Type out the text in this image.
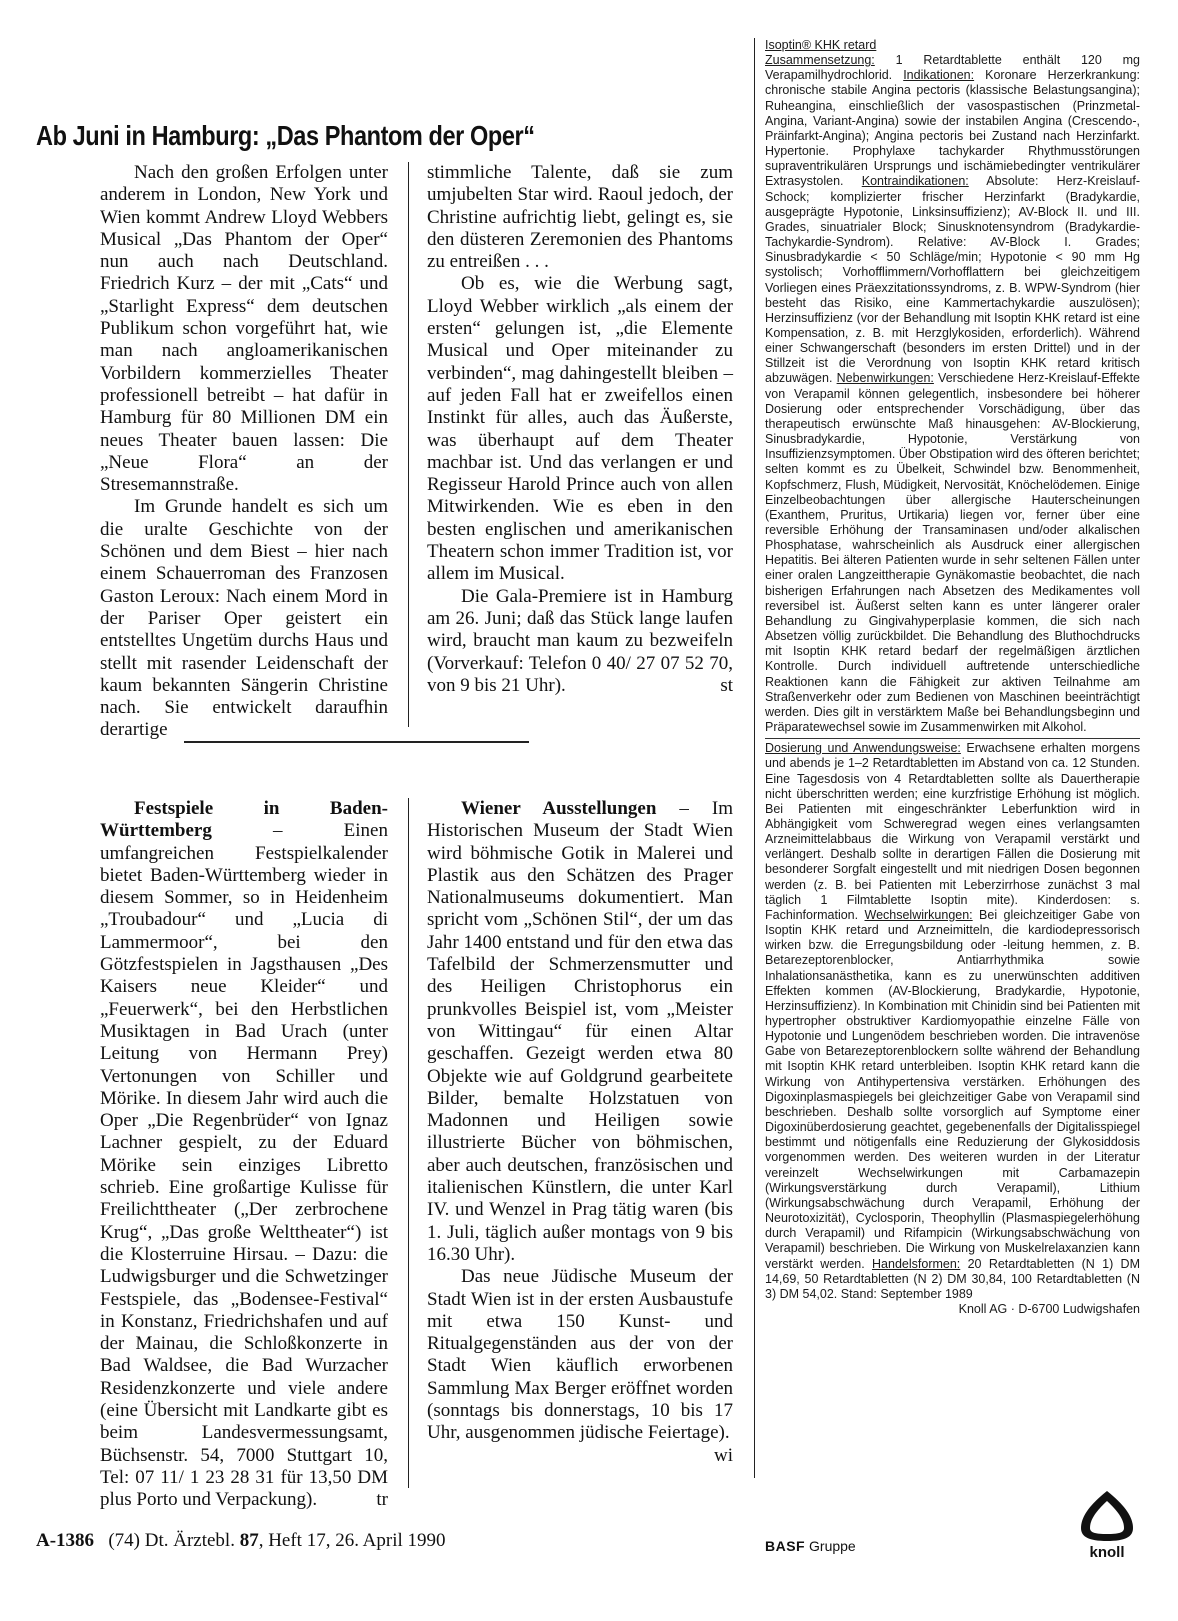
Ab Juni in Hamburg: „Das Phantom der Oper“

Nach den großen Erfolgen unter anderem in London, New York und Wien kommt Andrew Lloyd Webbers Musical „Das Phantom der Oper“ nun auch nach Deutschland. Friedrich Kurz – der mit „Cats“ und „Starlight Express“ dem deutschen Publikum schon vorgeführt hat, wie man nach angloamerikanischen Vorbildern kommerzielles Theater professionell betreibt – hat dafür in Hamburg für 80 Millionen DM ein neues Theater bauen lassen: Die „Neue Flora“ an der Stresemannstraße.

Im Grunde handelt es sich um die uralte Geschichte von der Schönen und dem Biest – hier nach einem Schauerroman des Franzosen Gaston Leroux: Nach einem Mord in der Pariser Oper geistert ein entstelltes Ungetüm durchs Haus und stellt mit rasender Leidenschaft der kaum bekannten Sängerin Christine nach. Sie entwickelt daraufhin derartige

stimmliche Talente, daß sie zum umjubelten Star wird. Raoul jedoch, der Christine aufrichtig liebt, gelingt es, sie den düsteren Zeremonien des Phantoms zu entreißen . . .

Ob es, wie die Werbung sagt, Lloyd Webber wirklich „als einem der ersten“ gelungen ist, „die Elemente Musical und Oper miteinander zu verbinden“, mag dahingestellt bleiben – auf jeden Fall hat er zweifellos einen Instinkt für alles, auch das Äußerste, was überhaupt auf dem Theater machbar ist. Und das verlangen er und Regisseur Harold Prince auch von allen Mitwirkenden. Wie es eben in den besten englischen und amerikanischen Theatern schon immer Tradition ist, vor allem im Musical.

Die Gala-Premiere ist in Hamburg am 26. Juni; daß das Stück lange laufen wird, braucht man kaum zu bezweifeln (Vorverkauf: Telefon 0 40/ 27 07 52 70, von 9 bis 21 Uhr).	st

Festspiele in Baden-Württemberg – Einen umfangreichen Festspielkalender bietet Baden-Württemberg wieder in diesem Sommer, so in Heidenheim „Troubadour“ und „Lucia di Lammermoor“, bei den Götzfestspielen in Jagsthausen „Des Kaisers neue Kleider“ und „Feuerwerk“, bei den Herbstlichen Musiktagen in Bad Urach (unter Leitung von Hermann Prey) Vertonungen von Schiller und Mörike. In diesem Jahr wird auch die Oper „Die Regenbrüder“ von Ignaz Lachner gespielt, zu der Eduard Mörike sein einziges Libretto schrieb. Eine großartige Kulisse für Freilichttheater („Der zerbrochene Krug“, „Das große Welttheater“) ist die Klosterruine Hirsau. – Dazu: die Ludwigsburger und die Schwetzinger Festspiele, das „Bodensee-Festival“ in Konstanz, Friedrichshafen und auf der Mainau, die Schloßkonzerte in Bad Waldsee, die Bad Wurzacher Residenzkonzerte und viele andere (eine Übersicht mit Landkarte gibt es beim Landesvermessungsamt, Büchsenstr. 54, 7000 Stuttgart 10, Tel: 07 11/ 1 23 28 31 für 13,50 DM plus Porto und Verpackung).	tr

Wiener Ausstellungen – Im Historischen Museum der Stadt Wien wird böhmische Gotik in Malerei und Plastik aus den Schätzen des Prager Nationalmuseums dokumentiert. Man spricht vom „Schönen Stil“, der um das Jahr 1400 entstand und für den etwa das Tafelbild der Schmerzensmutter und des Heiligen Christophorus ein prunkvolles Beispiel ist, vom „Meister von Wittingau“ für einen Altar geschaffen. Gezeigt werden etwa 80 Objekte wie auf Goldgrund gearbeitete Bilder, bemalte Holzstatuen von Madonnen und Heiligen sowie illustrierte Bücher von böhmischen, aber auch deutschen, französischen und italienischen Künstlern, die unter Karl IV. und Wenzel in Prag tätig waren (bis 1. Juli, täglich außer montags von 9 bis 16.30 Uhr).

Das neue Jüdische Museum der Stadt Wien ist in der ersten Ausbaustufe mit etwa 150 Kunst- und Ritualgegenständen aus der von der Stadt Wien käuflich erworbenen Sammlung Max Berger eröffnet worden (sonntags bis donnerstags, 10 bis 17 Uhr, ausgenommen jüdische Feiertage).
wi

Isoptin® KHK retard

Zusammensetzung: 1 Retardtablette enthält 120 mg Verapamilhydrochlorid. Indikationen: Koronare Herzerkrankung: chronische stabile Angina pectoris (klassische Belastungsangina); Ruheangina, einschließlich der vasospastischen (Prinzmetal-Angina, Variant-Angina) sowie der instabilen Angina (Crescendo-, Präinfarkt-Angina); Angina pectoris bei Zustand nach Herzinfarkt. Hypertonie. Prophylaxe tachykarder Rhythmusstörungen supraventrikulären Ursprungs und ischämiebedingter ventrikulärer Extrasystolen. Kontraindikationen: Absolute: Herz-Kreislauf-Schock; komplizierter frischer Herzinfarkt (Bradykardie, ausgeprägte Hypotonie, Linksinsuffizienz); AV-Block II. und III. Grades, sinuatrialer Block; Sinusknotensyndrom (Bradykardie-Tachykardie-Syndrom). Relative: AV-Block I. Grades; Sinusbradykardie < 50 Schläge/min; Hypotonie < 90 mm Hg systolisch; Vorhofflimmern/Vorhofflattern bei gleichzeitigem Vorliegen eines Präexzitationssyndroms, z. B. WPW-Syndrom (hier besteht das Risiko, eine Kammertachykardie auszulösen); Herzinsuffizienz (vor der Behandlung mit Isoptin KHK retard ist eine Kompensation, z. B. mit Herzglykosiden, erforderlich). Während einer Schwangerschaft (besonders im ersten Drittel) und in der Stillzeit ist die Verordnung von Isoptin KHK retard kritisch abzuwägen. Nebenwirkungen: Verschiedene Herz-Kreislauf-Effekte von Verapamil können gelegentlich, insbesondere bei höherer Dosierung oder entsprechender Vorschädigung, über das therapeutisch erwünschte Maß hinausgehen: AV-Blockierung, Sinusbradykardie, Hypotonie, Verstärkung von Insuffizienzsymptomen. Über Obstipation wird des öfteren berichtet; selten kommt es zu Übelkeit, Schwindel bzw. Benommenheit, Kopfschmerz, Flush, Müdigkeit, Nervosität, Knöchelödemen. Einige Einzelbeobachtungen über allergische Hauterscheinungen (Exanthem, Pruritus, Urtikaria) liegen vor, ferner über eine reversible Erhöhung der Transaminasen und/oder alkalischen Phosphatase, wahrscheinlich als Ausdruck einer allergischen Hepatitis. Bei älteren Patienten wurde in sehr seltenen Fällen unter einer oralen Langzeittherapie Gynäkomastie beobachtet, die nach bisherigen Erfahrungen nach Absetzen des Medikamentes voll reversibel ist. Äußerst selten kann es unter längerer oraler Behandlung zu Gingivahyperplasie kommen, die sich nach Absetzen völlig zurückbildet. Die Behandlung des Bluthochdrucks mit Isoptin KHK retard bedarf der regelmäßigen ärztlichen Kontrolle. Durch individuell auftretende unterschiedliche Reaktionen kann die Fähigkeit zur aktiven Teilnahme am Straßenverkehr oder zum Bedienen von Maschinen beeinträchtigt werden. Dies gilt in verstärktem Maße bei Behandlungsbeginn und Präparatewechsel sowie im Zusammenwirken mit Alkohol.

Dosierung und Anwendungsweise: Erwachsene erhalten morgens und abends je 1–2 Retardtabletten im Abstand von ca. 12 Stunden. Eine Tagesdosis von 4 Retardtabletten sollte als Dauertherapie nicht überschritten werden; eine kurzfristige Erhöhung ist möglich. Bei Patienten mit eingeschränkter Leberfunktion wird in Abhängigkeit vom Schweregrad wegen eines verlangsamten Arzneimittelabbaus die Wirkung von Verapamil verstärkt und verlängert. Deshalb sollte in derartigen Fällen die Dosierung mit besonderer Sorgfalt eingestellt und mit niedrigen Dosen begonnen werden (z. B. bei Patienten mit Leberzirrhose zunächst 3 mal täglich 1 Filmtablette Isoptin mite). Kinderdosen: s. Fachinformation. Wechselwirkungen: Bei gleichzeitiger Gabe von Isoptin KHK retard und Arzneimitteln, die kardiodepressorisch wirken bzw. die Erregungsbildung oder -leitung hemmen, z. B. Betarezeptorenblocker, Antiarrhythmika sowie Inhalationsanästhetika, kann es zu unerwünschten additiven Effekten kommen (AV-Blockierung, Bradykardie, Hypotonie, Herzinsuffizienz). In Kombination mit Chinidin sind bei Patienten mit hypertropher obstruktiver Kardiomyopathie einzelne Fälle von Hypotonie und Lungenödem beschrieben worden. Die intravenöse Gabe von Betarezeptorenblockern sollte während der Behandlung mit Isoptin KHK retard unterbleiben. Isoptin KHK retard kann die Wirkung von Antihypertensiva verstärken. Erhöhungen des Digoxinplasmaspiegels bei gleichzeitiger Gabe von Verapamil sind beschrieben. Deshalb sollte vorsorglich auf Symptome einer Digoxinüberdosierung geachtet, gegebenenfalls der Digitalisspiegel bestimmt und nötigenfalls eine Reduzierung der Glykosiddosis vorgenommen werden. Des weiteren wurden in der Literatur vereinzelt Wechselwirkungen mit Carbamazepin (Wirkungsverstärkung durch Verapamil), Lithium (Wirkungsabschwächung durch Verapamil, Erhöhung der Neurotoxizität), Cyclosporin, Theophyllin (Plasmaspiegelerhöhung durch Verapamil) und Rifampicin (Wirkungsabschwächung von Verapamil) beschrieben. Die Wirkung von Muskelrelaxanzien kann verstärkt werden. Handelsformen: 20 Retardtabletten (N 1) DM 14,69, 50 Retardtabletten (N 2) DM 30,84, 100 Retardtabletten (N 3) DM 54,02. Stand: September 1989

Knoll AG · D-6700 Ludwigshafen

A-1386 (74) Dt. Ärztebl. 87, Heft 17, 26. April 1990	BASF Gruppe	knoll
